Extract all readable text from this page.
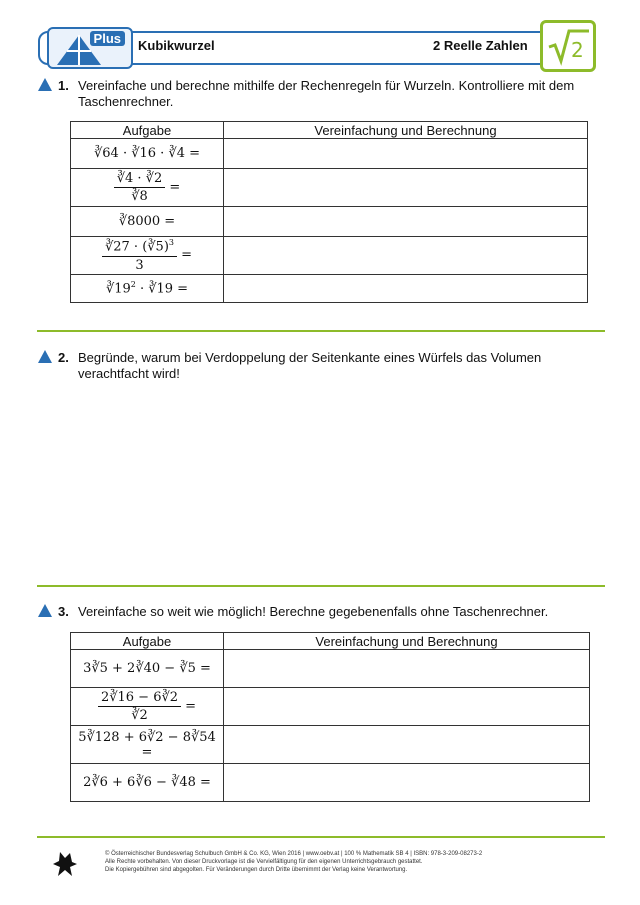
Plus	Kubikwurzel	2 Reelle Zahlen 2
1. Vereinfache und berechne mithilfe der Rechenregeln für Wurzeln. Kontrolliere mit dem Taschenrechner.
Aufgabe	Vereinfachung und Berechnung
∛64 · ∛16 · ∛4 =	

$\frac{∛4 \cdot ∛2}{∛8}$ =	
∛8000 =	

$\frac{∛27 \cdot (∛5)^3}{3}$ =	
$∛19^2$ · ∛19 =	
2. Begründe, warum bei Verdoppelung der Seitenkante eines Würfels das Volumen verachtfacht wird!
3. Vereinfache so weit wie möglich! Berechne gegebenenfalls ohne Taschenrechner.
Aufgabe	Vereinfachung und Berechnung
3∛5 + 2∛40 − ∛5 =	

$\frac{2∛16 - 6∛2}{∛2}$ =	
5∛128 + 6∛2 − 8∛54 =	
2∛6 + 6∛6 − ∛48 =	
© Österreichischer Bundesverlag Schulbuch GmbH & Co. KG, Wien 2016 | www.oebv.at | 100 % Mathematik SB 4 | ISBN: 978-3-209-08273-2
Alle Rechte vorbehalten. Von dieser Druckvorlage ist die Vervielfältigung für den eigenen Unterrichtsgebrauch gestattet.
Die Kopiergebühren sind abgegolten. Für Veränderungen durch Dritte übernimmt der Verlag keine Verantwortung.
